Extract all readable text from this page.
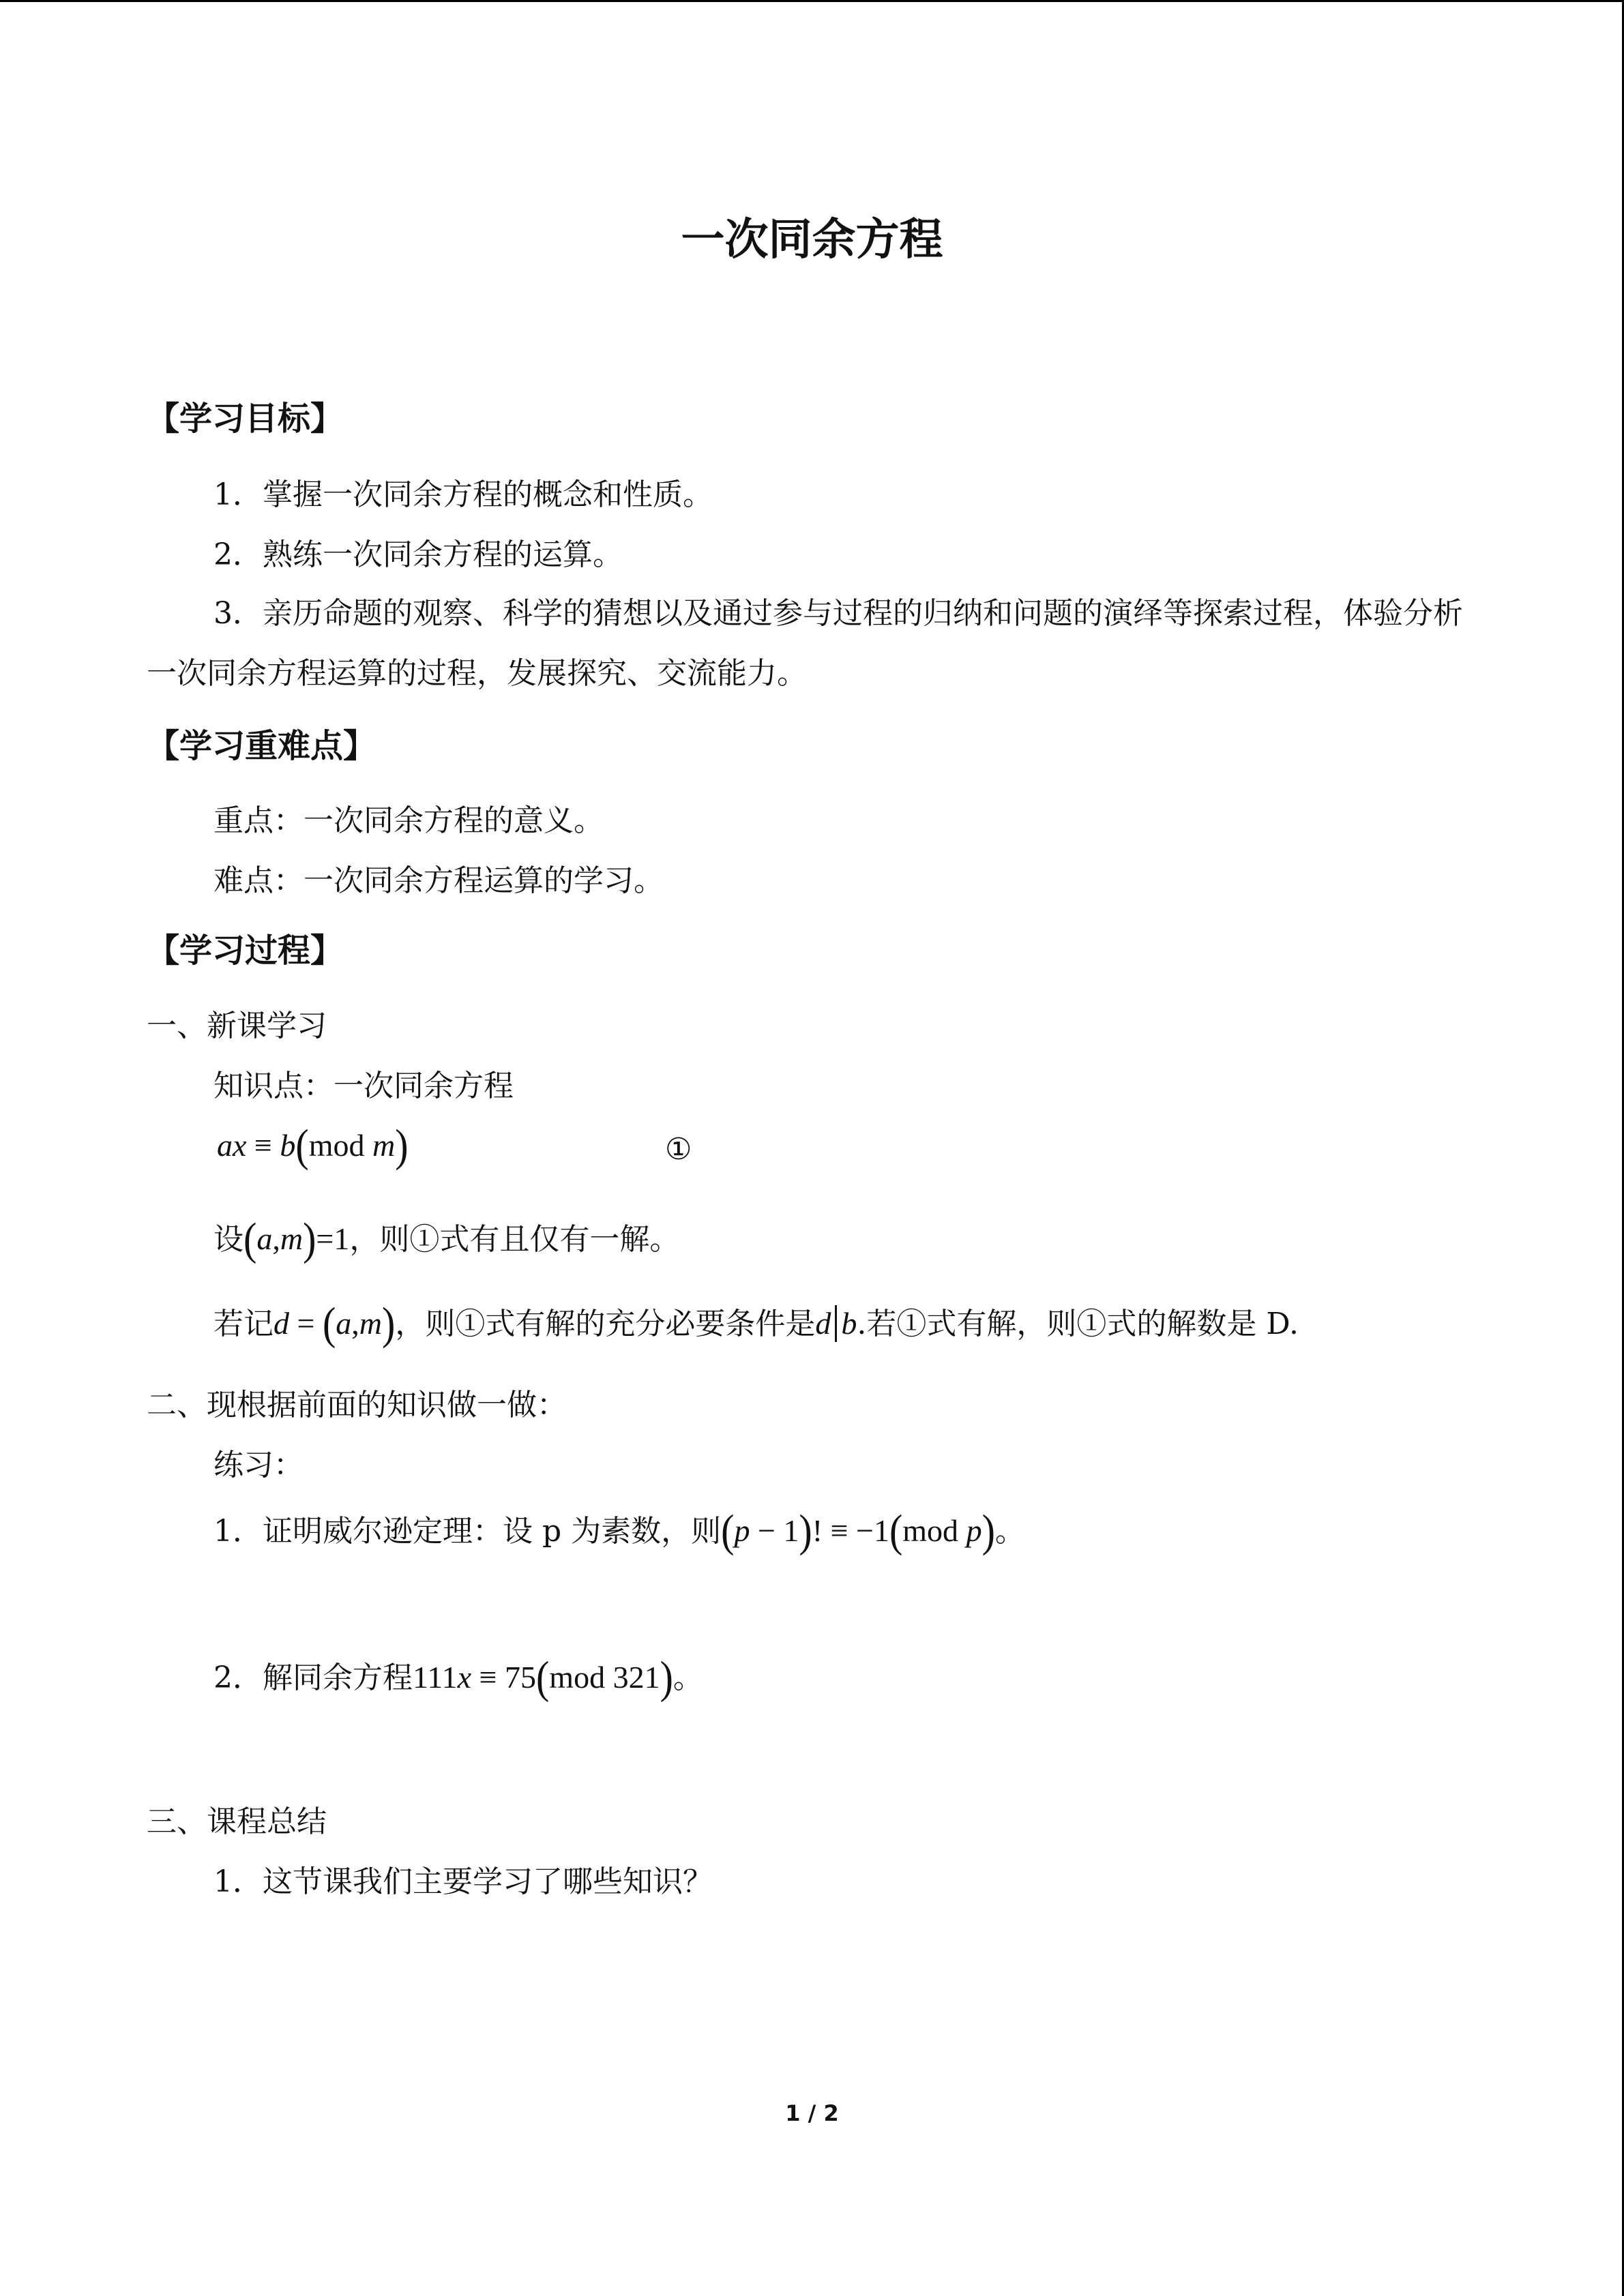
一次同余方程
【学习目标】
1．掌握一次同余方程的概念和性质。
2．熟练一次同余方程的运算。
3．亲历命题的观察、科学的猜想以及通过参与过程的归纳和问题的演绎等探索过程，体验分析一次同余方程运算的过程，发展探究、交流能力。
【学习重难点】
重点：一次同余方程的意义。
难点：一次同余方程运算的学习。
【学习过程】
一、新课学习
知识点：一次同余方程
ax ≡ b(mod m)	①
设(a,m)=1，则①式有且仅有一解。
若记d = (a,m)，则①式有解的充分必要条件是d b.若①式有解，则①式的解数是 D.
二、现根据前面的知识做一做：
练习：
1．证明威尔逊定理：设 p 为素数，则(p − 1)! ≡ −1(mod p)。
2．解同余方程111x ≡ 75(mod 321)。
三、课程总结
1．这节课我们主要学习了哪些知识？
1 / 2
